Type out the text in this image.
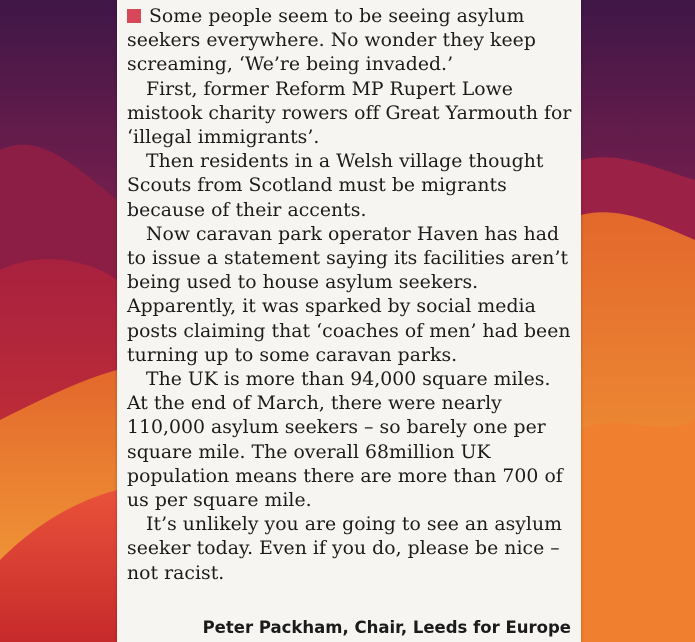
Some people seem to be seeing asylum seekers everywhere. No wonder they keep screaming, ‘We’re being invaded.’

First, former Reform MP Rupert Lowe mistook charity rowers off Great Yarmouth for ‘illegal immigrants’.

Then residents in a Welsh village thought Scouts from Scotland must be migrants because of their accents.

Now caravan park operator Haven has had to issue a statement saying its facilities aren’t being used to house asylum seekers. Apparently, it was sparked by social media posts claiming that ‘coaches of men’ had been turning up to some caravan parks.

The UK is more than 94,000 square miles. At the end of March, there were nearly 110,000 asylum seekers – so barely one per square mile. The overall 68million UK population means there are more than 700 of us per square mile.

It’s unlikely you are going to see an asylum seeker today. Even if you do, please be nice – not racist.

Peter Packham, Chair, Leeds for Europe
